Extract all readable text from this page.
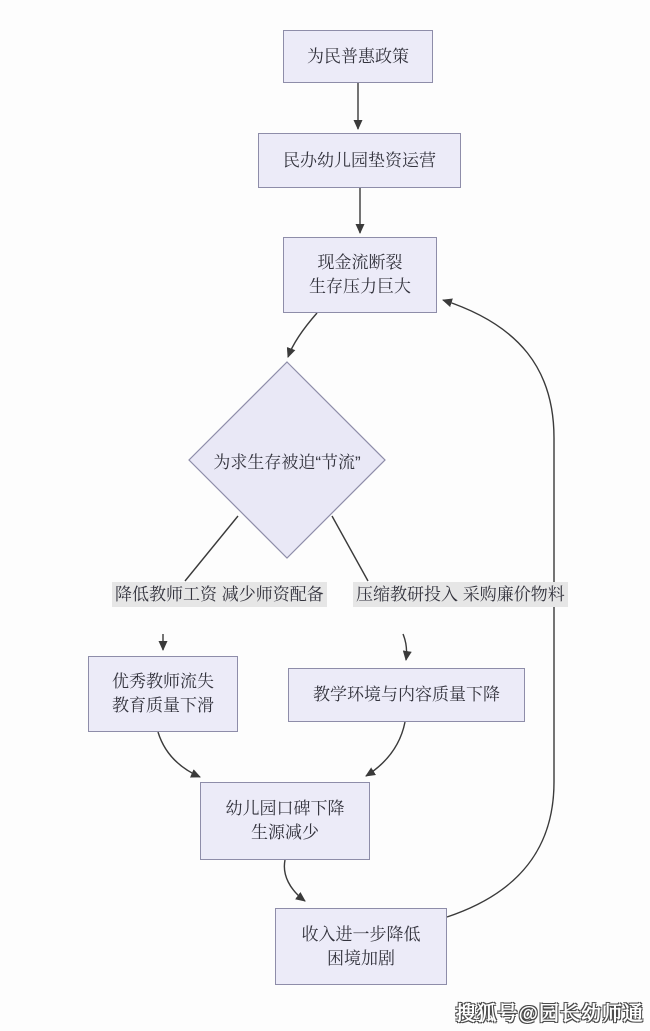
为民普惠政策
民办幼儿园垫资运营
现金流断裂
生存压力巨大
为求生存被迫“节流”
降低教师工资 减少师资配备 压缩教研投入 采购廉价物料
优秀教师流失
教育质量下滑
教学环境与内容质量下降
幼儿园口碑下降
生源减少
收入进一步降低
困境加剧
搜狐号@园长幼师通
